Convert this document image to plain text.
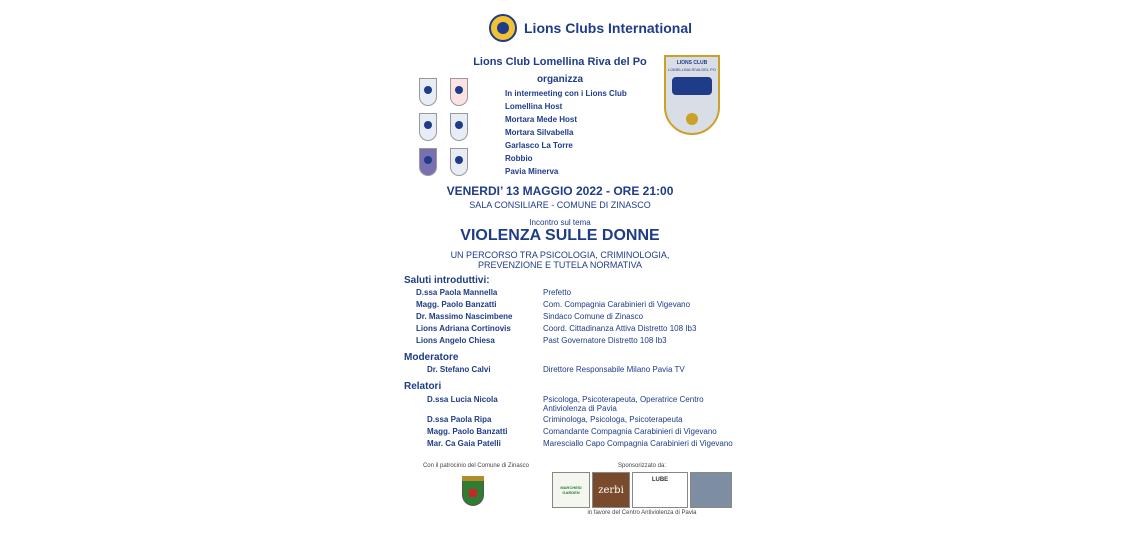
Lions Clubs International
Lions Club Lomellina Riva del Po
organizza
In intermeeting con i Lions Club
Lomellina Host
Mortara Mede Host
Mortara Silvabella
Garlasco La Torre
Robbio
Pavia Minerva
LIONS CLUB
LOMELLINA RIVA DEL PO
VENERDI’ 13 MAGGIO 2022 - ORE 21:00
SALA CONSILIARE - COMUNE DI ZINASCO
Incontro sul tema
VIOLENZA SULLE DONNE
UN PERCORSO TRA PSICOLOGIA, CRIMINOLOGIA,
PREVENZIONE E TUTELA NORMATIVA
Saluti introduttivi:
D.ssa Paola Mannella	Prefetto
Magg. Paolo Banzatti	Com. Compagnia Carabinieri di Vigevano
Dr. Massimo Nascimbene	Sindaco Comune di Zinasco
Lions Adriana Cortinovis	Coord. Cittadinanza Attiva Distretto 108 Ib3
Lions Angelo Chiesa	Past Governatore Distretto 108 Ib3
Moderatore
Dr. Stefano Calvi	Direttore Responsabile Milano Pavia TV
Relatori
D.ssa Lucia Nicola	Psicologa, Psicoterapeuta, Operatrice Centro Antiviolenza di Pavia
D.ssa Paola Ripa	Criminologa, Psicologa, Psicoterapeuta
Magg. Paolo Banzatti	Comandante Compagnia Carabinieri di Vigevano
Mar. Ca Gaia Patelli	Maresciallo Capo Compagnia Carabinieri di Vigevano
Con il patrocinio del Comune di Zinasco	Sponsorizzato da:
MARCHESI GARDEN	zerbi
LUBE
in favore del Centro Antiviolenza di Pavia
